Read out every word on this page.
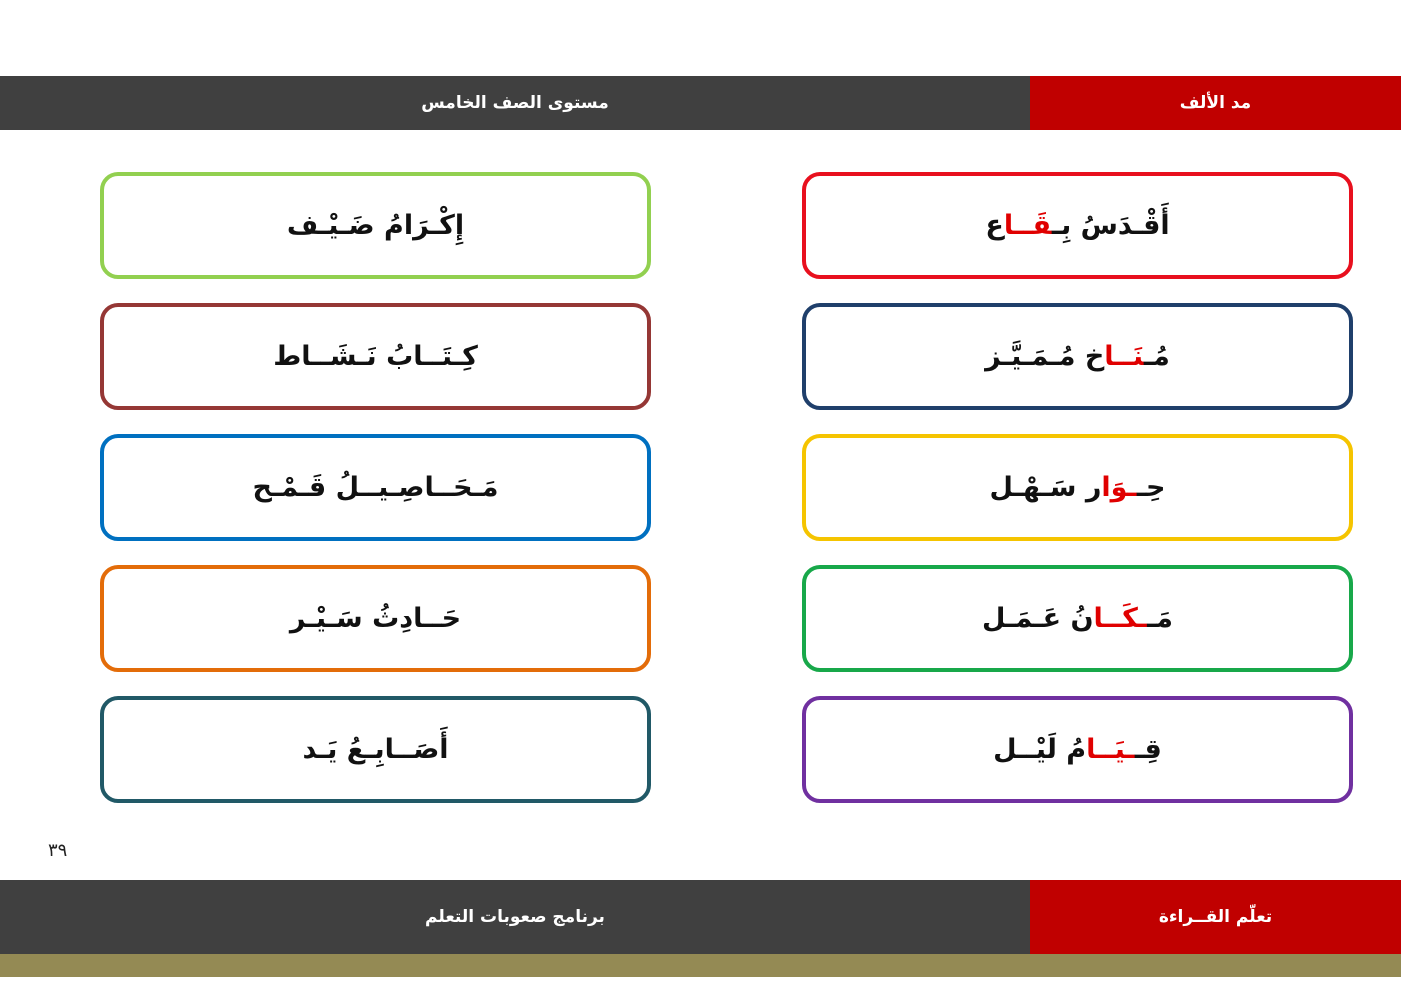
مستوى الصف الخامس	مد الألف
أَقْـدَسُ بِـقَــاع
مُـنَــاخ مُـمَـيَّـز
حِــوَار سَـهْـل
مَــكَــانُ عَـمَـل
قِــيَــامُ لَيْــل
إِكْـرَامُ ضَـيْـف
كِـتَــابُ نَـشَــاط
مَـحَــاصِـيــلُ قَـمْـح
حَــادِثُ سَـيْـر
أَصَــابِـعُ يَـد
٣٩
برنامج صعوبات التعلم	تعلّم القــراءة
